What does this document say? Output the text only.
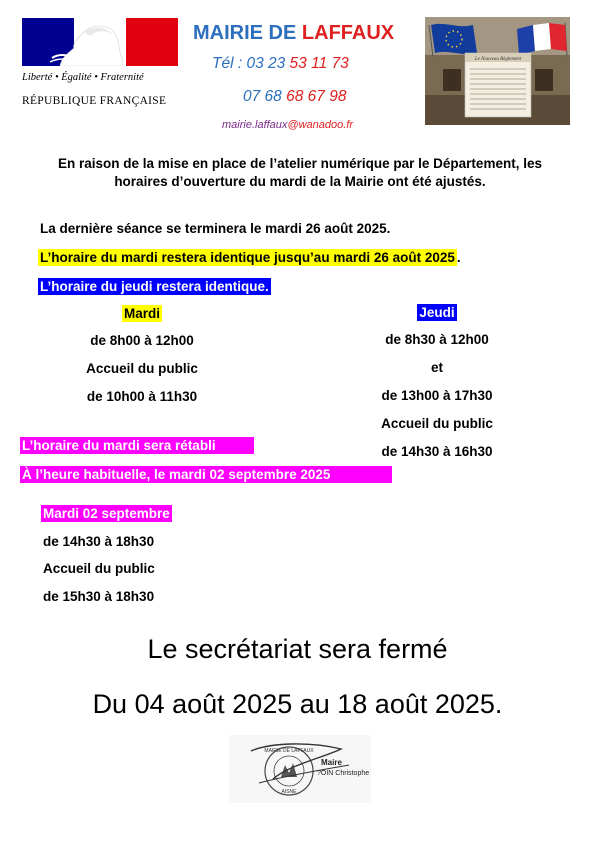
Liberté • Égalité • Fraternité
RÉPUBLIQUE FRANÇAISE
MAIRIE DE LAFFAUX
Tél : 03 23 53 11 73
07 68 68 67 98
mairie.laffaux@wanadoo.fr
Le Nouveau Règlement
En raison de la mise en place de l’atelier numérique par le Département, les horaires d’ouverture du mardi de la Mairie ont été ajustés.
La dernière séance se terminera le mardi 26 août 2025.
L’horaire du mardi restera identique jusqu’au mardi 26 août 2025 .
L’horaire du jeudi restera identique.
Mardi
de 8h00 à 12h00
Accueil du public
de 10h00 à 11h30
Jeudi
de 8h30 à 12h00
et
de 13h00 à 17h30
Accueil du public
de 14h30 à 16h30
L’horaire du mardi sera rétabli
À l’heure habituelle, le mardi 02 septembre 2025
Mardi 02 septembre
de 14h30 à 18h30
Accueil du public
de 15h30 à 18h30
Le secrétariat sera fermé
Du 04 août 2025 au 18 août 2025.
MAIRIE DE LAFFAUX
AISNE
Maire
?OIN Christophe
